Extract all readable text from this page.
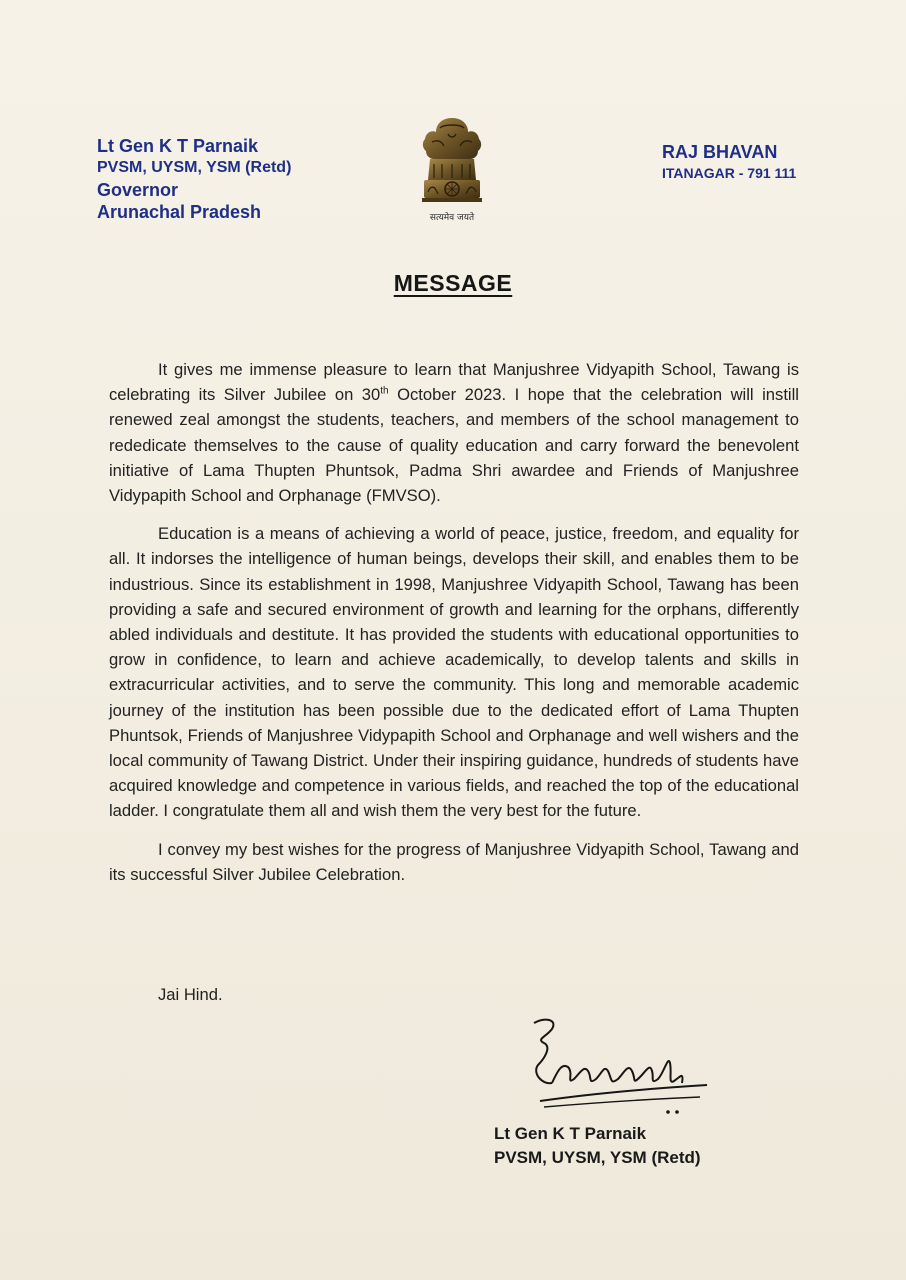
Lt Gen K T Parnaik
PVSM, UYSM, YSM (Retd)
Governor
Arunachal Pradesh	सत्यमेव जयते
RAJ BHAVAN
ITANAGAR - 791 111
MESSAGE

It gives me immense pleasure to learn that Manjushree Vidyapith School, Tawang is celebrating its Silver Jubilee on 30th October 2023. I hope that the celebration will instill renewed zeal amongst the students, teachers, and members of the school management to rededicate themselves to the cause of quality education and carry forward the benevolent initiative of Lama Thupten Phuntsok, Padma Shri awardee and Friends of Manjushree Vidypapith School and Orphanage (FMVSO).

Education is a means of achieving a world of peace, justice, freedom, and equality for all. It indorses the intelligence of human beings, develops their skill, and enables them to be industrious. Since its establishment in 1998, Manjushree Vidyapith School, Tawang has been providing a safe and secured environment of growth and learning for the orphans, differently abled individuals and destitute. It has provided the students with educational opportunities to grow in confidence, to learn and achieve academically, to develop talents and skills in extracurricular activities, and to serve the community. This long and memorable academic journey of the institution has been possible due to the dedicated effort of Lama Thupten Phuntsok, Friends of Manjushree Vidypapith School and Orphanage and well wishers and the local community of Tawang District. Under their inspiring guidance, hundreds of students have acquired knowledge and competence in various fields, and reached the top of the educational ladder. I congratulate them all and wish them the very best for the future.

I convey my best wishes for the progress of Manjushree Vidyapith School, Tawang and its successful Silver Jubilee Celebration.

Jai Hind.
Lt Gen K T Parnaik
PVSM, UYSM, YSM (Retd)
